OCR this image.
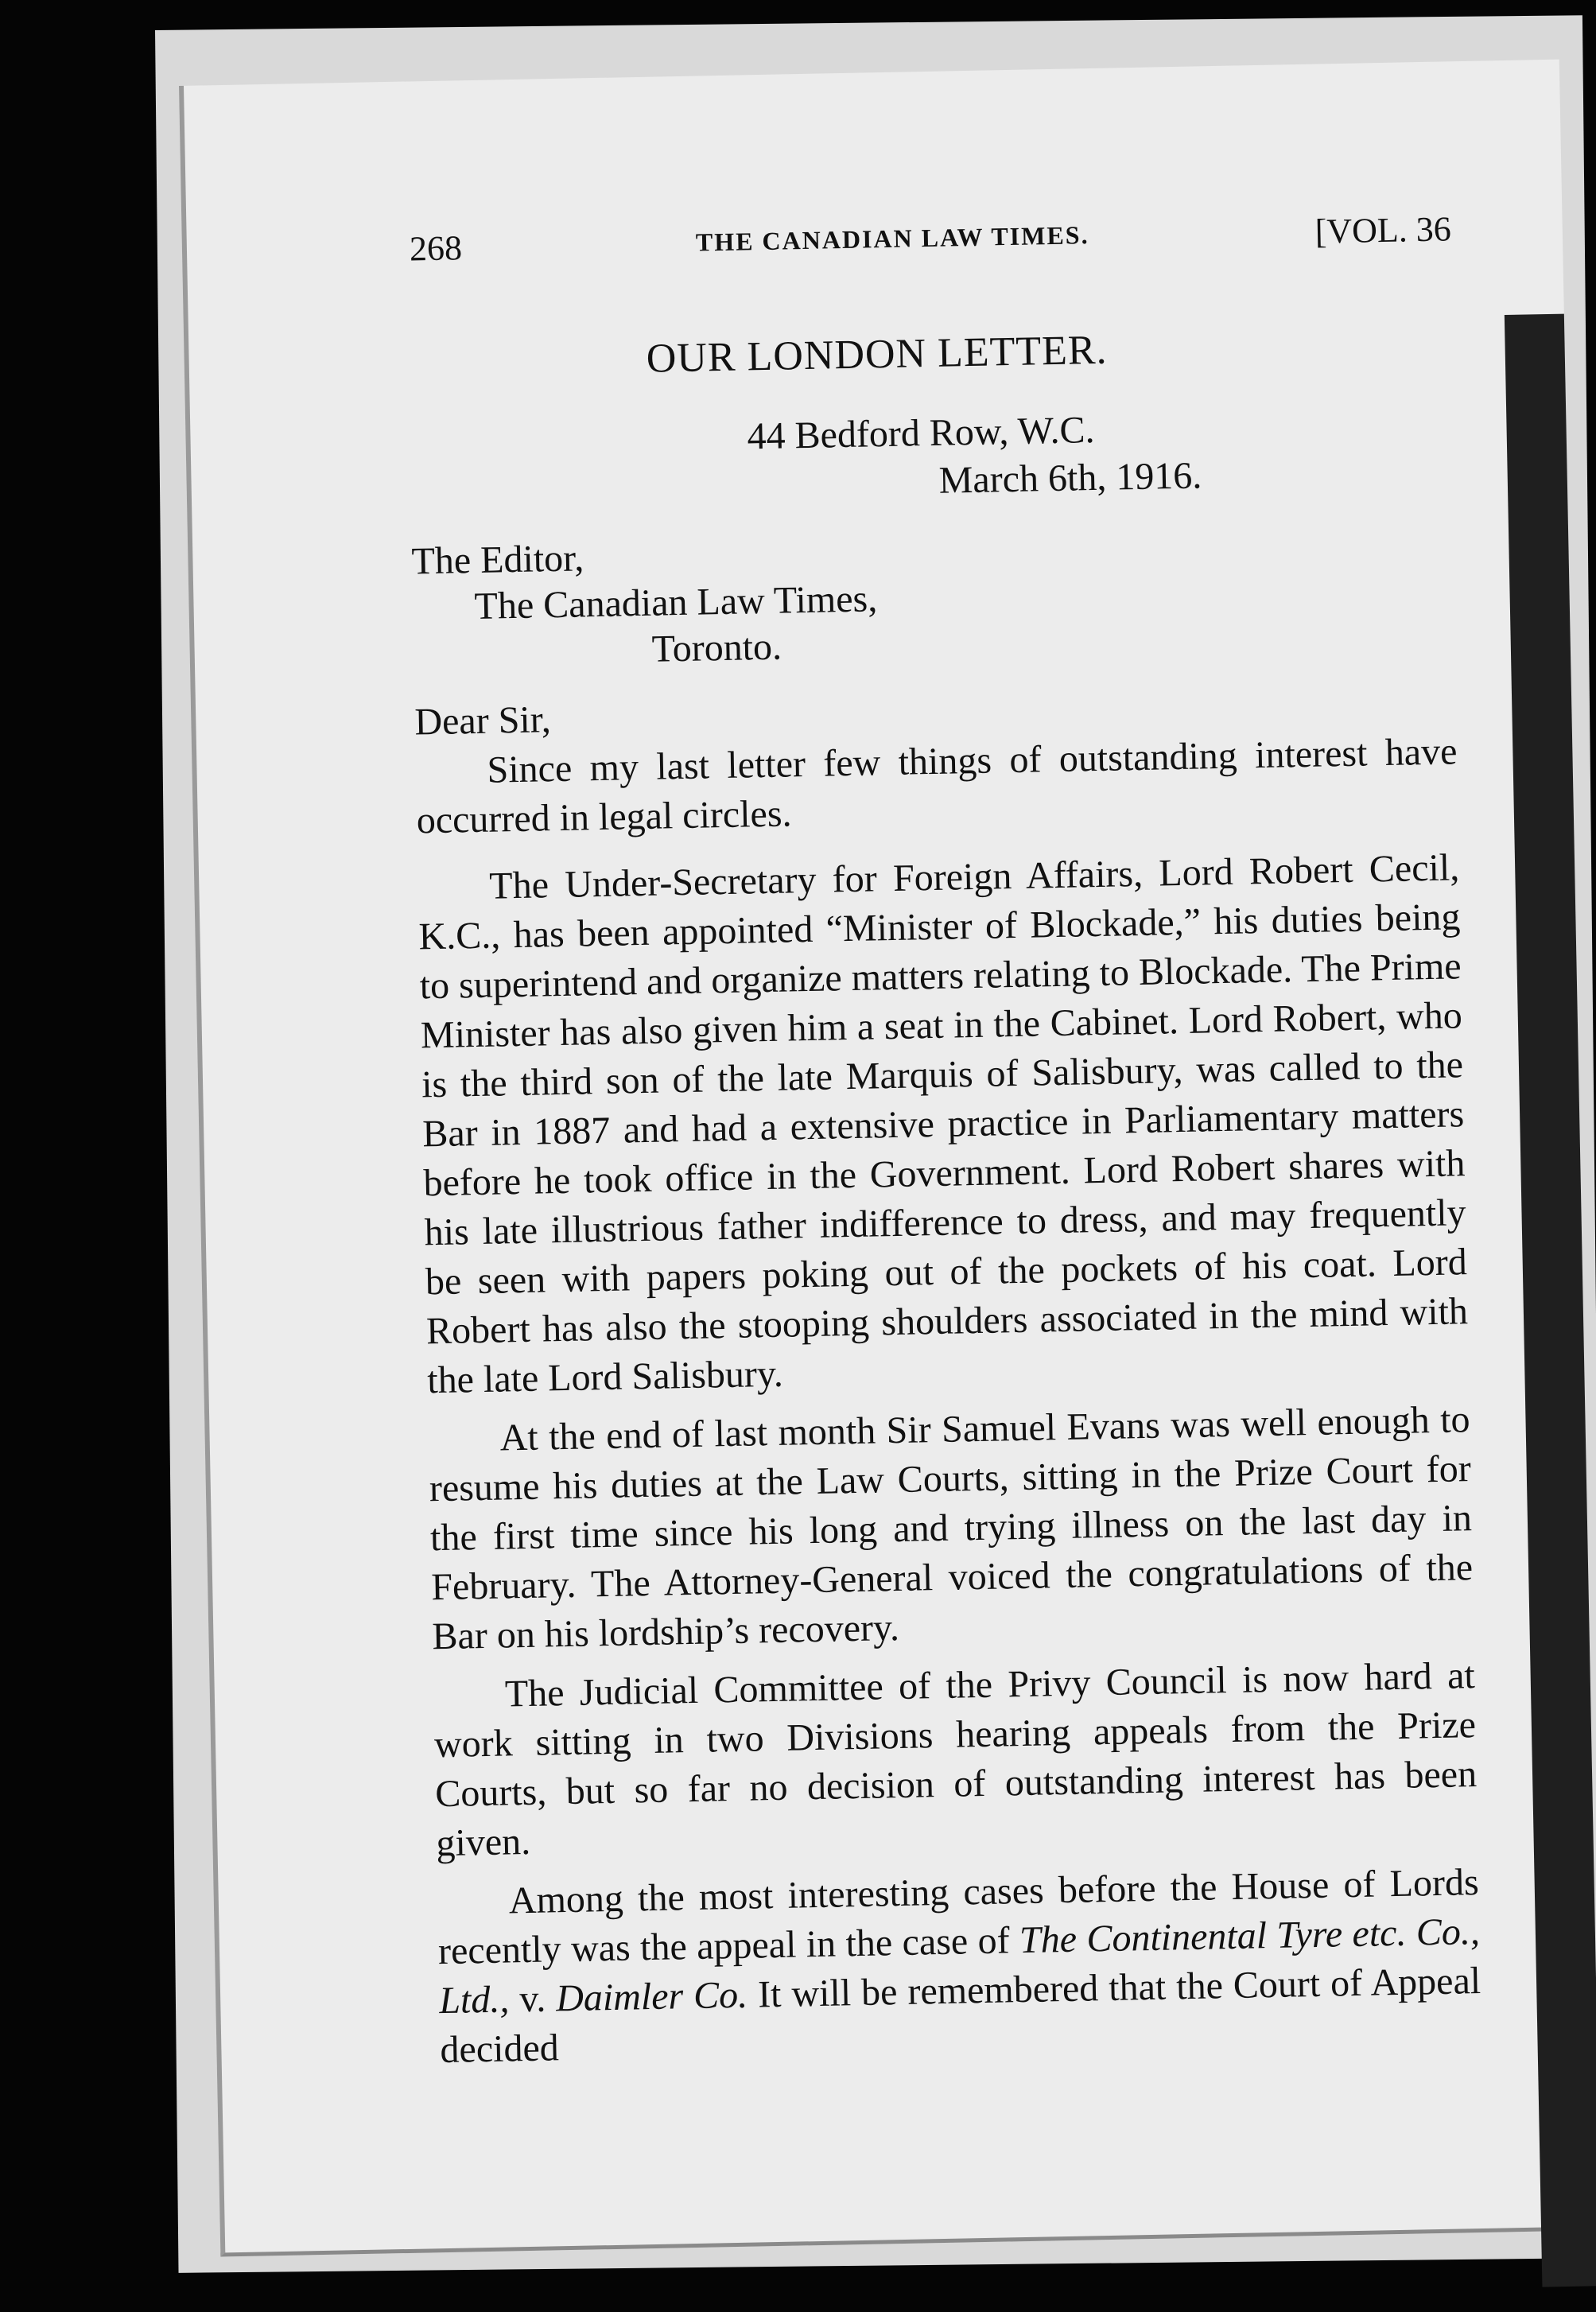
268	THE CANADIAN LAW TIMES.	[VOL. 36
OUR LONDON LETTER.
44 Bedford Row, W.C.
March 6th, 1916.
The Editor,
The Canadian Law Times,
Toronto.
Dear Sir,

Since my last letter few things of outstanding interest have occurred in legal circles.

The Under-Secretary for Foreign Affairs, Lord Robert Cecil, K.C., has been appointed “Minister of Blockade,” his duties being to superintend and organize matters relating to Blockade. The Prime Minister has also given him a seat in the Cabinet. Lord Robert, who is the third son of the late Marquis of Salisbury, was called to the Bar in 1887 and had a extensive practice in Parliamentary matters before he took office in the Government. Lord Robert shares with his late illustrious father indifference to dress, and may frequently be seen with papers poking out of the pockets of his coat. Lord Robert has also the stooping shoulders associated in the mind with the late Lord Salisbury.

At the end of last month Sir Samuel Evans was well enough to resume his duties at the Law Courts, sitting in the Prize Court for the first time since his long and trying illness on the last day in February. The Attorney-General voiced the congratulations of the Bar on his lordship’s recovery.

The Judicial Committee of the Privy Council is now hard at work sitting in two Divisions hearing appeals from the Prize Courts, but so far no decision of outstanding interest has been given.

Among the most interesting cases before the House of Lords recently was the appeal in the case of The Continental Tyre etc. Co., Ltd., v. Daimler Co. It will be remembered that the Court of Appeal decided
